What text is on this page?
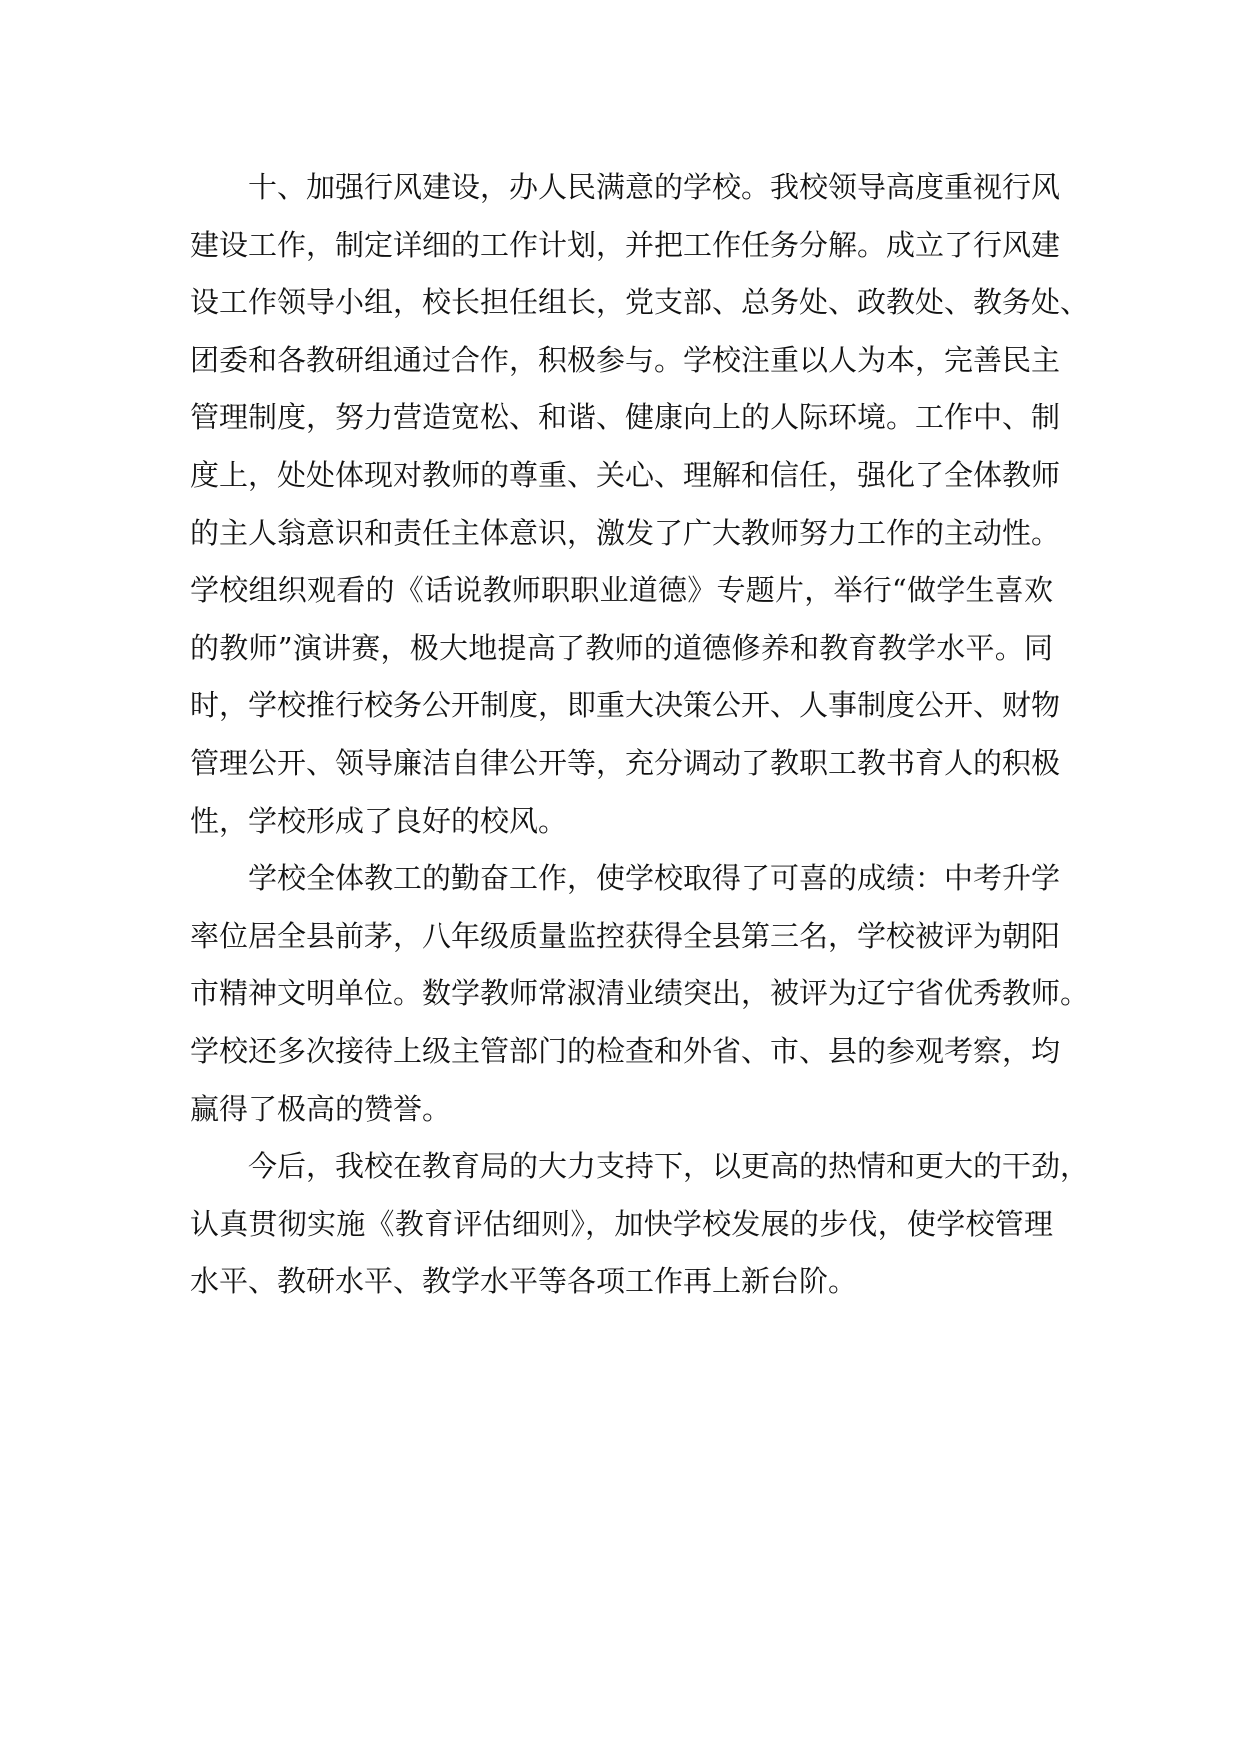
十、加强行风建设，办人民满意的学校。我校领导高度重视行风
建设工作，制定详细的工作计划，并把工作任务分解。成立了行风建
设工作领导小组，校长担任组长，党支部、总务处、政教处、教务处、
团委和各教研组通过合作，积极参与。学校注重以人为本，完善民主
管理制度，努力营造宽松、和谐、健康向上的人际环境。工作中、制
度上，处处体现对教师的尊重、关心、理解和信任，强化了全体教师
的主人翁意识和责任主体意识，激发了广大教师努力工作的主动性。
学校组织观看的《话说教师职职业道德》专题片，举行“做学生喜欢
的教师”演讲赛，极大地提高了教师的道德修养和教育教学水平。同
时，学校推行校务公开制度，即重大决策公开、人事制度公开、财物
管理公开、领导廉洁自律公开等，充分调动了教职工教书育人的积极
性，学校形成了良好的校风。
学校全体教工的勤奋工作，使学校取得了可喜的成绩：中考升学
率位居全县前茅，八年级质量监控获得全县第三名，学校被评为朝阳
市精神文明单位。数学教师常淑清业绩突出，被评为辽宁省优秀教师。
学校还多次接待上级主管部门的检查和外省、市、县的参观考察，均
赢得了极高的赞誉。
今后，我校在教育局的大力支持下，以更高的热情和更大的干劲，
认真贯彻实施《教育评估细则》，加快学校发展的步伐，使学校管理
水平、教研水平、教学水平等各项工作再上新台阶。
